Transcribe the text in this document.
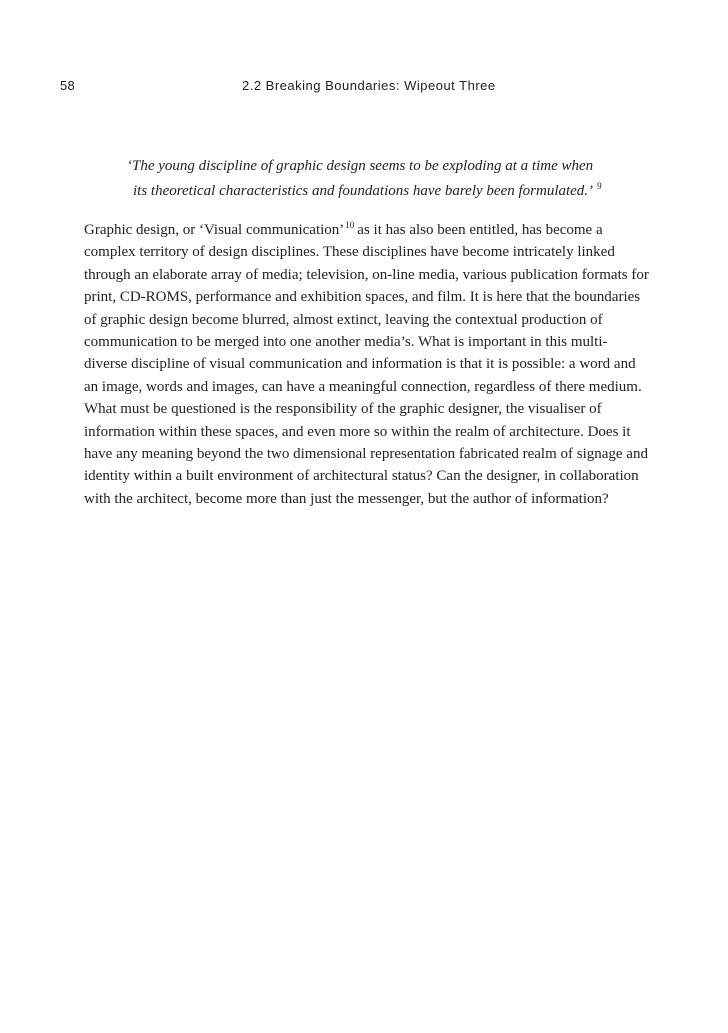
58	2.2 Breaking Boundaries: Wipeout Three
‘The young discipline of graphic design seems to be exploding at a time when
its theoretical characteristics and foundations have barely been formulated.’ $^9$
Graphic design, or ‘Visual communication’$^{10}$ as it has also been entitled, has become a
complex territory of design disciplines. These disciplines have become intricately linked
through an elaborate array of media; television, on-line media, various publication formats for
print, CD-ROMS, performance and exhibition spaces, and film. It is here that the boundaries
of graphic design become blurred, almost extinct, leaving the contextual production of
communication to be merged into one another media’s. What is important in this multi-
diverse discipline of visual communication and information is that it is possible: a word and
an image, words and images, can have a meaningful connection, regardless of there medium.
What must be questioned is the responsibility of the graphic designer, the visualiser of
information within these spaces, and even more so within the realm of architecture. Does it
have any meaning beyond the two dimensional representation fabricated realm of signage and
identity within a built environment of architectural status? Can the designer, in collaboration
with the architect, become more than just the messenger, but the author of information?
